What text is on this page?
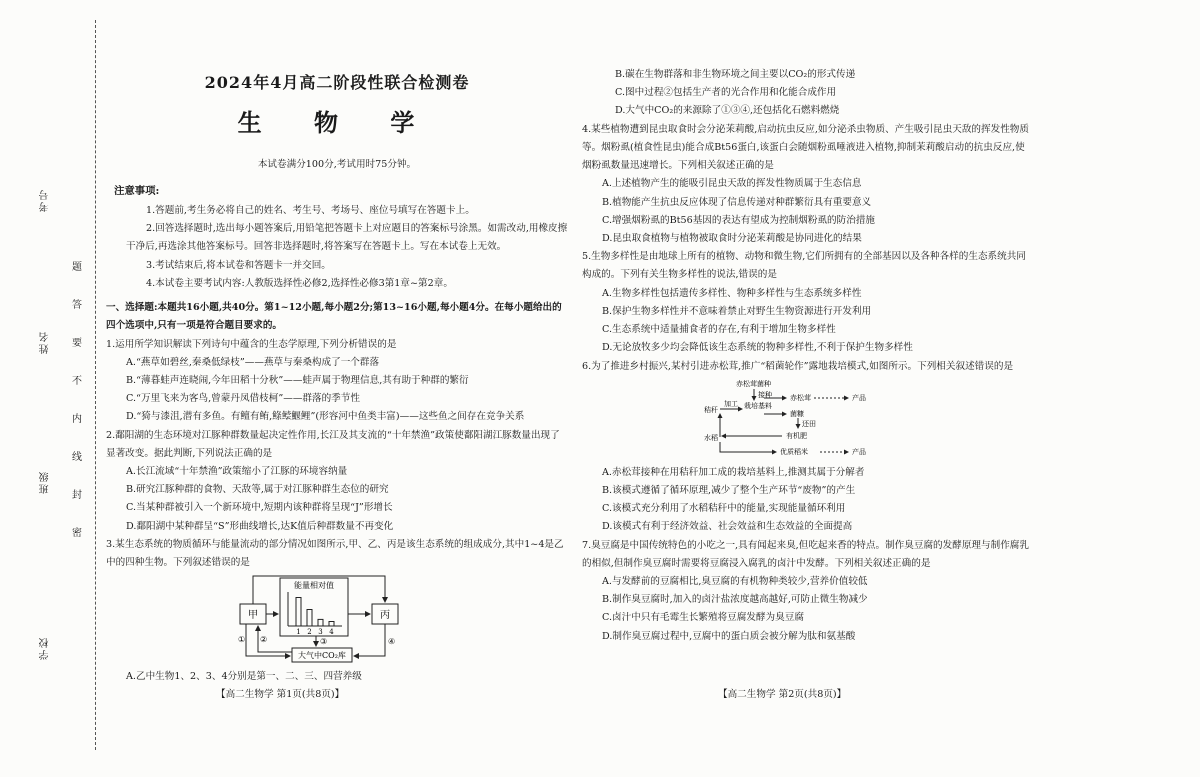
考号
姓名
班级
学校
题
答
要
不
内
线
封
密
2024年4月高二阶段性联合检测卷
生 物 学
本试卷满分100分,考试用时75分钟。
注意事项:
1.答题前,考生务必将自己的姓名、考生号、考场号、座位号填写在答题卡上。
2.回答选择题时,选出每小题答案后,用铅笔把答题卡上对应题目的答案标号涂黑。如需改动,用橡皮擦干净后,再选涂其他答案标号。回答非选择题时,将答案写在答题卡上。写在本试卷上无效。
3.考试结束后,将本试卷和答题卡一并交回。
4.本试卷主要考试内容:人教版选择性必修2,选择性必修3第1章~第2章。
一、选择题:本题共16小题,共40分。第1~12小题,每小题2分;第13~16小题,每小题4分。在每小题给出的四个选项中,只有一项是符合题目要求的。
1.运用所学知识解读下列诗句中蕴含的生态学原理,下列分析错误的是
A.“燕草如碧丝,秦桑低绿枝”——燕草与秦桑构成了一个群落
B.“薄暮蛙声连晓闹,今年田稻十分秋”——蛙声属于物理信息,其有助于种群的繁衍
C.“万里飞来为客鸟,曾蒙丹凤借枝柯”——群落的季节性
D.“猗与漆沮,潜有多鱼。有鳣有鲔,鲦鲿鰋鲤”(形容河中鱼类丰富)——这些鱼之间存在竞争关系
2.鄱阳湖的生态环境对江豚种群数量起决定性作用,长江及其支流的“十年禁渔”政策使鄱阳湖江豚数量出现了显著改变。据此判断,下列说法正确的是
A.长江流域“十年禁渔”政策缩小了江豚的环境容纳量
B.研究江豚种群的食物、天敌等,属于对江豚种群生态位的研究
C.当某种群被引入一个新环境中,短期内该种群将呈现“J”形增长
D.鄱阳湖中某种群呈“S”形曲线增长,达K值后种群数量不再变化
3.某生态系统的物质循环与能量流动的部分情况如图所示,甲、乙、丙是该生态系统的组成成分,其中1~4是乙中的四种生物。下列叙述错误的是
甲
能量相对值
1 2 3 4
丙
大气中CO₂库
① ②	③	④
A.乙中生物1、2、3、4分别是第一、二、三、四营养级
B.碳在生物群落和非生物环境之间主要以CO₂的形式传递
C.图中过程②包括生产者的光合作用和化能合成作用
D.大气中CO₂的来源除了①③④,还包括化石燃料燃烧
4.某些植物遭到昆虫取食时会分泌茉莉酸,启动抗虫反应,如分泌杀虫物质、产生吸引昆虫天敌的挥发性物质等。烟粉虱(植食性昆虫)能合成Bt56蛋白,该蛋白会随烟粉虱唾液进入植物,抑制茉莉酸启动的抗虫反应,使烟粉虱数量迅速增长。下列相关叙述正确的是
A.上述植物产生的能吸引昆虫天敌的挥发性物质属于生态信息
B.植物能产生抗虫反应体现了信息传递对种群繁衍具有重要意义
C.增强烟粉虱的Bt56基因的表达有望成为控制烟粉虱的防治措施
D.昆虫取食植物与植物被取食时分泌茉莉酸是协同进化的结果
5.生物多样性是由地球上所有的植物、动物和微生物,它们所拥有的全部基因以及各种各样的生态系统共同构成的。下列有关生物多样性的说法,错误的是
A.生物多样性包括遗传多样性、物种多样性与生态系统多样性
B.保护生物多样性并不意味着禁止对野生生物资源进行开发利用
C.生态系统中适量捕食者的存在,有利于增加生物多样性
D.无论放牧多少均会降低该生态系统的物种多样性,不利于保护生物多样性
6.为了推进乡村振兴,某村引进赤松茸,推广“稻菌轮作”露地栽培模式,如图所示。下列相关叙述错误的是
赤松茸菌种
接种
秸秆
加工 栽培基料
赤松茸	产品
菌糠
还田
有机肥
水稻
优质稻米	产品
A.赤松茸接种在用秸秆加工成的栽培基料上,推测其属于分解者
B.该模式遵循了循环原理,减少了整个生产环节“废物”的产生
C.该模式充分利用了水稻秸秆中的能量,实现能量循环利用
D.该模式有利于经济效益、社会效益和生态效益的全面提高
7.臭豆腐是中国传统特色的小吃之一,具有闻起来臭,但吃起来香的特点。制作臭豆腐的发酵原理与制作腐乳的相似,但制作臭豆腐时需要将豆腐浸入腐乳的卤汁中发酵。下列相关叙述正确的是
A.与发酵前的豆腐相比,臭豆腐的有机物种类较少,营养价值较低
B.制作臭豆腐时,加入的卤汁盐浓度越高越好,可防止微生物减少
C.卤汁中只有毛霉生长繁殖将豆腐发酵为臭豆腐
D.制作臭豆腐过程中,豆腐中的蛋白质会被分解为肽和氨基酸
【高二生物学 第1页(共8页)】	【高二生物学 第2页(共8页)】
